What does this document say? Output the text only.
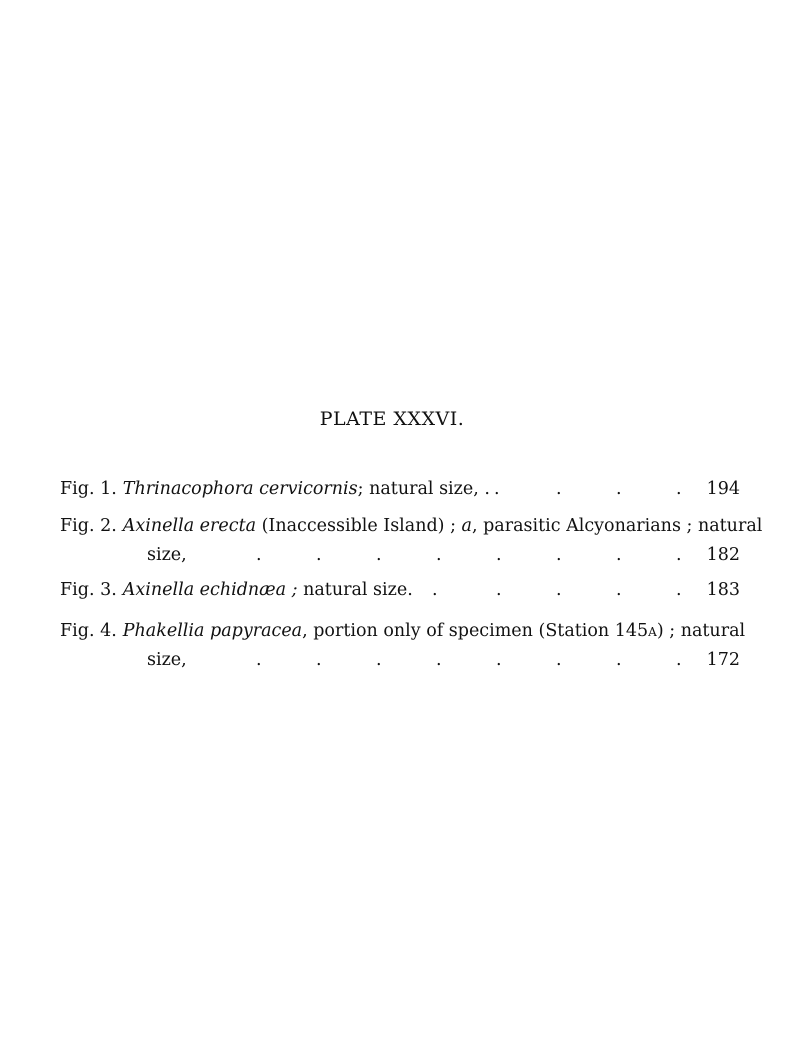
PLATE XXXVI.
Fig. 1. Thrinacophora cervicornis; natural size, . .	.	.	. 194
Fig. 2. Axinella erecta (Inaccessible Island) ; a, parasitic Alcyonarians ; natural
size,	.	.	.	.	.	.	.	. 182
Fig. 3. Axinella echidnæa ; natural size. .	.	.	.	. 183
Fig. 4. Phakellia papyracea, portion only of specimen (Station 145a) ; natural
size,	.	.	.	.	.	.	.	. 172
